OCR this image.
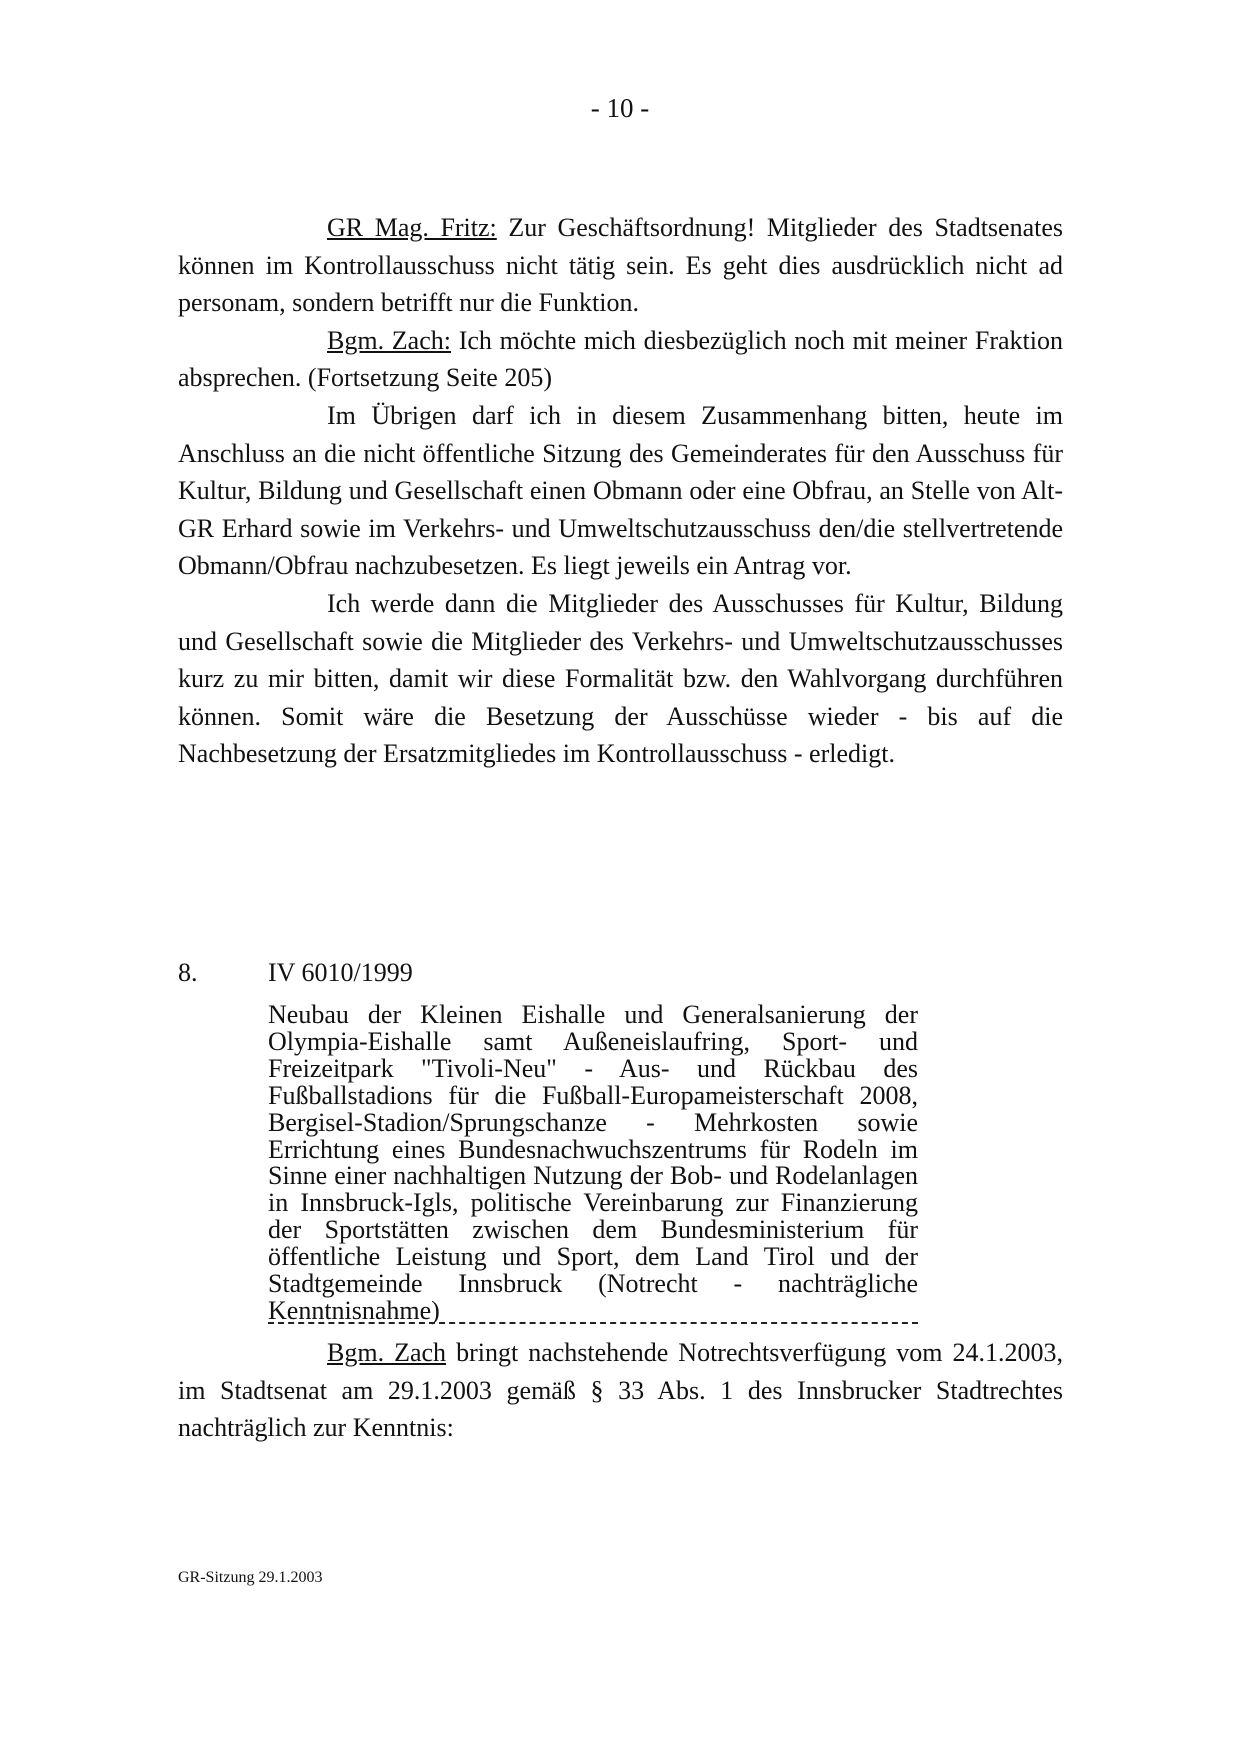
- 10 -

GR Mag. Fritz: Zur Geschäftsordnung! Mitglieder des Stadtsenates können im Kontrollausschuss nicht tätig sein. Es geht dies ausdrücklich nicht ad personam, sondern betrifft nur die Funktion.

Bgm. Zach: Ich möchte mich diesbezüglich noch mit meiner Fraktion absprechen. (Fortsetzung Seite 205)

Im Übrigen darf ich in diesem Zusammenhang bitten, heute im Anschluss an die nicht öffentliche Sitzung des Gemeinderates für den Ausschuss für Kultur, Bildung und Gesellschaft einen Obmann oder eine Obfrau, an Stelle von Alt-GR Erhard sowie im Verkehrs- und Umweltschutzausschuss den/die stellvertretende Obmann/Obfrau nachzubesetzen. Es liegt jeweils ein Antrag vor.

Ich werde dann die Mitglieder des Ausschusses für Kultur, Bildung und Gesellschaft sowie die Mitglieder des Verkehrs- und Umweltschutzausschusses kurz zu mir bitten, damit wir diese Formalität bzw. den Wahlvorgang durchführen können. Somit wäre die Besetzung der Ausschüsse wieder - bis auf die Nachbesetzung der Ersatzmitgliedes im Kontrollausschuss - erledigt.

8.	IV 6010/1999

Neubau der Kleinen Eishalle und Generalsanierung der Olympia-Eishalle samt Außeneislaufring, Sport- und Freizeitpark "Tivoli-Neu" - Aus- und Rückbau des Fußballstadions für die Fußball-Europameisterschaft 2008, Bergisel-Stadion/Sprungschanze - Mehrkosten sowie Errichtung eines Bundesnachwuchszentrums für Rodeln im Sinne einer nachhaltigen Nutzung der Bob- und Rodelanlagen in Innsbruck-Igls, politische Vereinbarung zur Finanzierung der Sportstätten zwischen dem Bundesministerium für öffentliche Leistung und Sport, dem Land Tirol und der Stadtgemeinde Innsbruck (Notrecht - nachträgliche Kenntnisnahme)

Bgm. Zach bringt nachstehende Notrechtsverfügung vom 24.1.2003, im Stadtsenat am 29.1.2003 gemäß § 33 Abs. 1 des Innsbrucker Stadtrechtes nachträglich zur Kenntnis:

GR-Sitzung 29.1.2003
